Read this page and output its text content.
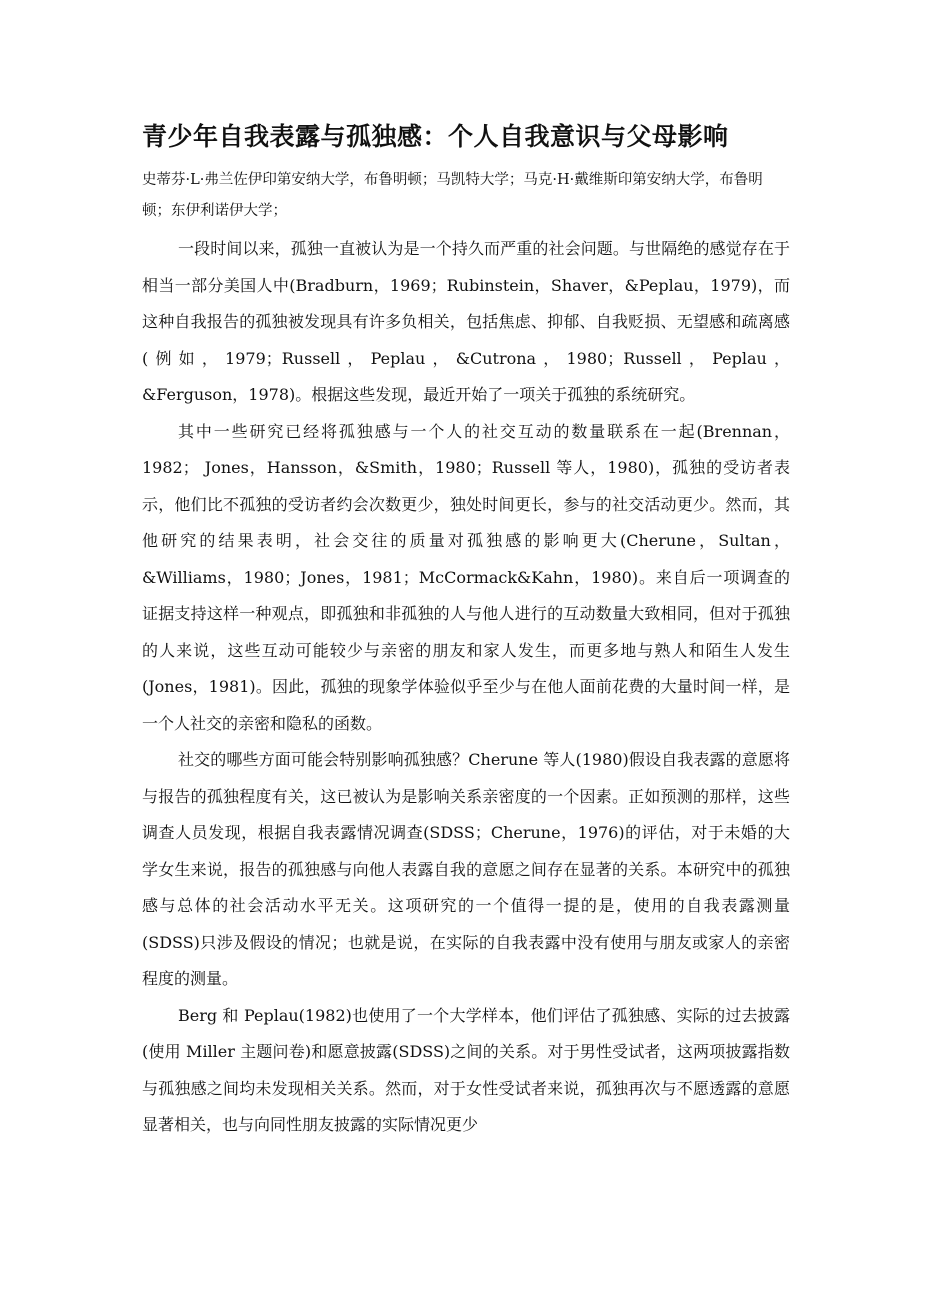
青少年自我表露与孤独感：个人自我意识与父母影响

史蒂芬·L·弗兰佐伊印第安纳大学，布鲁明顿；马凯特大学；马克·H·戴维斯印第安纳大学，布鲁明顿；东伊利诺伊大学；

一段时间以来，孤独一直被认为是一个持久而严重的社会问题。与世隔绝的感觉存在于相当一部分美国人中(Bradburn，1969；Rubinstein，Shaver，&Peplau，1979)，而这种自我报告的孤独被发现具有许多负相关，包括焦虑、抑郁、自我贬损、无望感和疏离感(例如，1979；Russell，Peplau，&Cutrona，1980；Russell，Peplau，&Ferguson，1978)。根据这些发现，最近开始了一项关于孤独的系统研究。

其中一些研究已经将孤独感与一个人的社交互动的数量联系在一起(Brennan，1982； Jones，Hansson，&Smith，1980；Russell 等人，1980)，孤独的受访者表示，他们比不孤独的受访者约会次数更少，独处时间更长，参与的社交活动更少。然而，其他研究的结果表明，社会交往的质量对孤独感的影响更大(Cherune，Sultan，&Williams，1980；Jones，1981；McCormack&Kahn，1980)。来自后一项调查的证据支持这样一种观点，即孤独和非孤独的人与他人进行的互动数量大致相同，但对于孤独的人来说，这些互动可能较少与亲密的朋友和家人发生，而更多地与熟人和陌生人发生(Jones，1981)。因此，孤独的现象学体验似乎至少与在他人面前花费的大量时间一样，是一个人社交的亲密和隐私的函数。

社交的哪些方面可能会特别影响孤独感？Cherune 等人(1980)假设自我表露的意愿将与报告的孤独程度有关，这已被认为是影响关系亲密度的一个因素。正如预测的那样，这些调查人员发现，根据自我表露情况调查(SDSS；Cherune，1976)的评估，对于未婚的大学女生来说，报告的孤独感与向他人表露自我的意愿之间存在显著的关系。本研究中的孤独感与总体的社会活动水平无关。这项研究的一个值得一提的是，使用的自我表露测量(SDSS)只涉及假设的情况；也就是说，在实际的自我表露中没有使用与朋友或家人的亲密程度的测量。

Berg 和 Peplau(1982)也使用了一个大学样本，他们评估了孤独感、实际的过去披露(使用 Miller 主题问卷)和愿意披露(SDSS)之间的关系。对于男性受试者，这两项披露指数与孤独感之间均未发现相关关系。然而，对于女性受试者来说，孤独再次与不愿透露的意愿显著相关，也与向同性朋友披露的实际情况更少
